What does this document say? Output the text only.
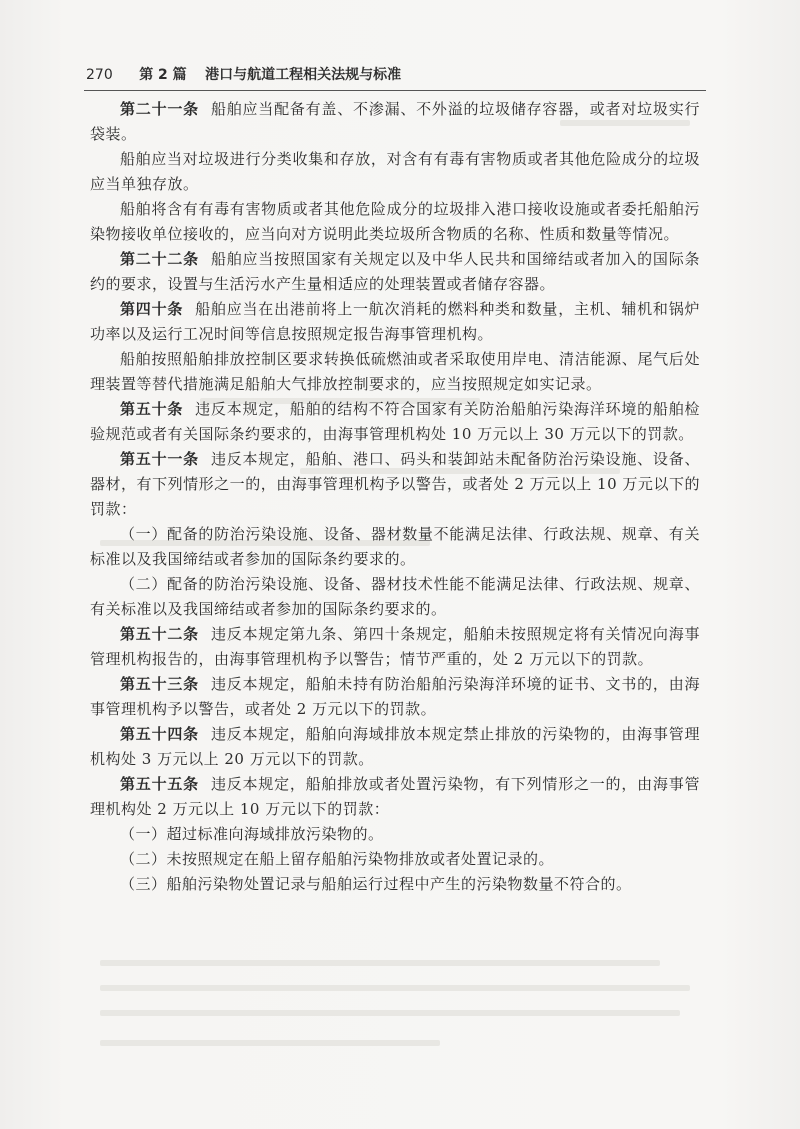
270 第 2 篇 港口与航道工程相关法规与标准

第二十一条 船舶应当配备有盖、不渗漏、不外溢的垃圾储存容器，或者对垃圾实行袋装。

船舶应当对垃圾进行分类收集和存放，对含有有毒有害物质或者其他危险成分的垃圾应当单独存放。

船舶将含有有毒有害物质或者其他危险成分的垃圾排入港口接收设施或者委托船舶污染物接收单位接收的，应当向对方说明此类垃圾所含物质的名称、性质和数量等情况。

第二十二条 船舶应当按照国家有关规定以及中华人民共和国缔结或者加入的国际条约的要求，设置与生活污水产生量相适应的处理装置或者储存容器。

第四十条 船舶应当在出港前将上一航次消耗的燃料种类和数量，主机、辅机和锅炉功率以及运行工况时间等信息按照规定报告海事管理机构。

船舶按照船舶排放控制区要求转换低硫燃油或者采取使用岸电、清洁能源、尾气后处理装置等替代措施满足船舶大气排放控制要求的，应当按照规定如实记录。

第五十条 违反本规定，船舶的结构不符合国家有关防治船舶污染海洋环境的船舶检验规范或者有关国际条约要求的，由海事管理机构处 10 万元以上 30 万元以下的罚款。

第五十一条 违反本规定，船舶、港口、码头和装卸站未配备防治污染设施、设备、器材，有下列情形之一的，由海事管理机构予以警告，或者处 2 万元以上 10 万元以下的罚款：

（一）配备的防治污染设施、设备、器材数量不能满足法律、行政法规、规章、有关标准以及我国缔结或者参加的国际条约要求的。

（二）配备的防治污染设施、设备、器材技术性能不能满足法律、行政法规、规章、有关标准以及我国缔结或者参加的国际条约要求的。

第五十二条 违反本规定第九条、第四十条规定，船舶未按照规定将有关情况向海事管理机构报告的，由海事管理机构予以警告；情节严重的，处 2 万元以下的罚款。

第五十三条 违反本规定，船舶未持有防治船舶污染海洋环境的证书、文书的，由海事管理机构予以警告，或者处 2 万元以下的罚款。

第五十四条 违反本规定，船舶向海域排放本规定禁止排放的污染物的，由海事管理机构处 3 万元以上 20 万元以下的罚款。

第五十五条 违反本规定，船舶排放或者处置污染物，有下列情形之一的，由海事管理机构处 2 万元以上 10 万元以下的罚款：

（一）超过标准向海域排放污染物的。

（二）未按照规定在船上留存船舶污染物排放或者处置记录的。

（三）船舶污染物处置记录与船舶运行过程中产生的污染物数量不符合的。
